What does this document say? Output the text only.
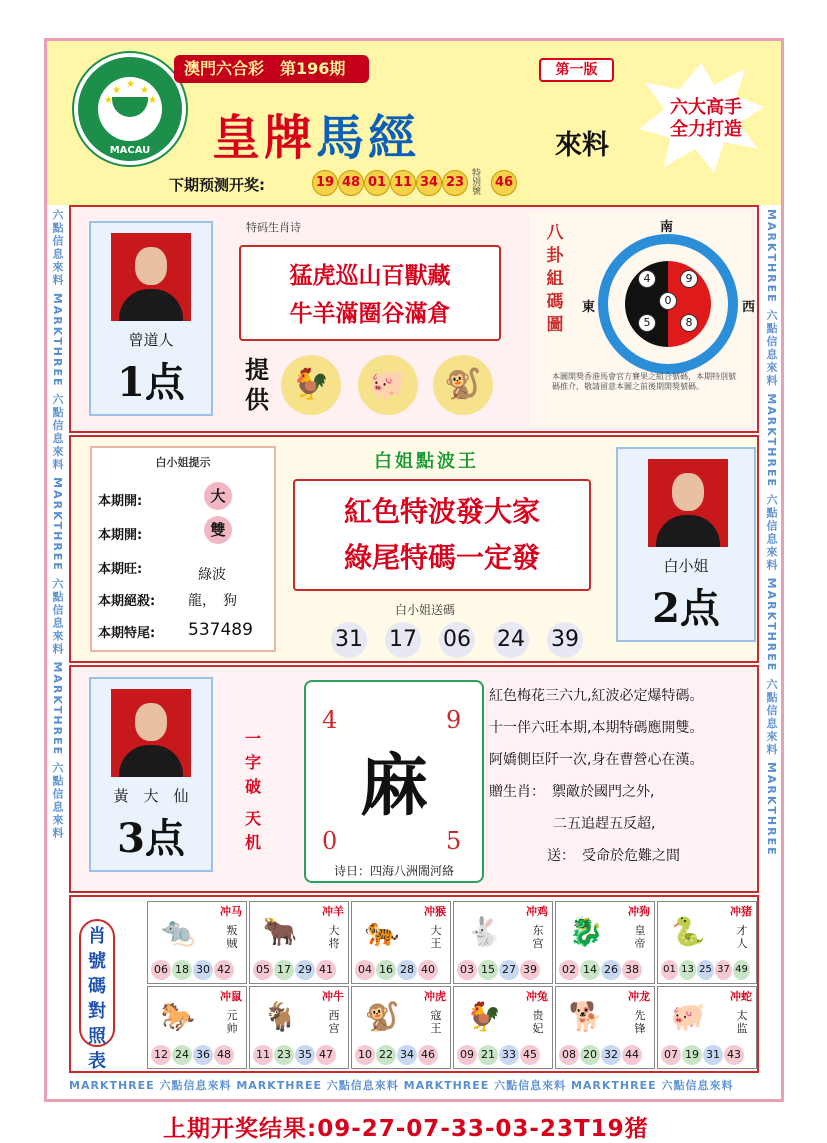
★
★ ★
★	★
MACAU
澳門六合彩　第196期	第一版
皇牌馬經	來料
六大高手
全力打造
下期预测开奖:	19 48 01 11 34 23
特别號
46
六點信息來料 MARKTHREE 六點信息來料 MARKTHREE 六點信息來料 MARKTHREE 六點信息來料	MARKTHREE 六點信息來料 MARKTHREE 六點信息來料 MARKTHREE 六點信息來料 MARKTHREE
曾道人
1点
特码生肖诗
猛虎巡山百獸藏
牛羊滿圈谷滿倉
提供 🐓	🐖	🐒
八卦組碼圖
南
東	西
4	9
0
5	8
本圖開獎香港馬會官方賽果之組合號碼，本期特別號碼推介，敬請留意本圖之前後期開獎號碼。
白小姐提示
本期開:	大
本期開:	雙
本期旺:	綠波
本期絕殺: 龍，　狗
本期特尾: 537489
白姐點波王
紅色特波發大家
綠尾特碼一定發
白小姐送碼
31 17 06 24 39
白小姐
2点
黃　大　仙
3点
一
字
破
天
机
4	9
麻
0	5
诗日：四海八洲閙河絡
紅色梅花三六九,紅波必定爆特碼。
十一伴六旺本期,本期特碼應開雙。
阿嬌側臣阡一次,身在曹營心在漢。
贈生肖：　禦敵於國門之外,
二五追趕五反超,
送：　受命於危難之間
肖號碼對照表
冲马
🐀	叛贼
06 18 30 42
冲羊
🐂	大将
05 17 29 41
冲猴
🐅	大王
04 16 28 40
冲鸡
🐇	东宫
03 15 27 39
冲狗
🐉	皇帝
02 14 26 38
冲猪
🐍	才人
01 13 25 37 49
冲鼠
🐎	元帅
12 24 36 48
冲牛
🐐	西宫
11 23 35 47
冲虎
🐒	寇王
10 22 34 46
冲兔
🐓	贵妃
09 21 33 45
冲龙
🐕	先锋
08 20 32 44
冲蛇
🐖	太监
07 19 31 43
MARKTHREE 六點信息來料 MARKTHREE 六點信息來料 MARKTHREE 六點信息來料 MARKTHREE 六點信息來料
上期开奖结果:09-27-07-33-03-23T19猪
